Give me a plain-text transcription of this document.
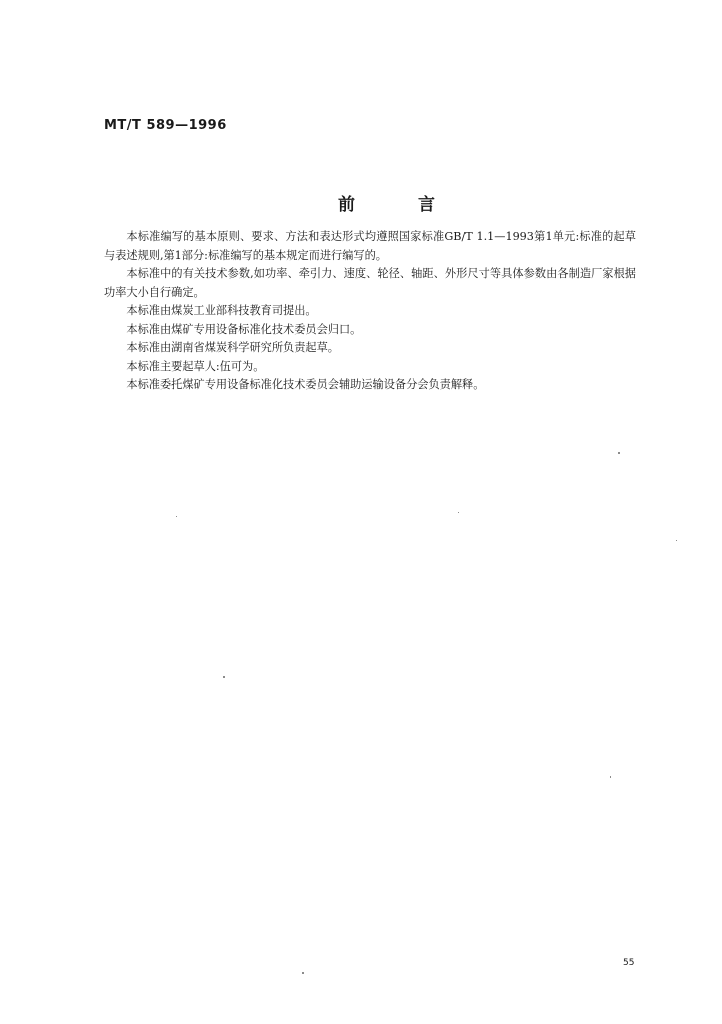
MT/T 589—1996
前	言

本标准编写的基本原则、要求、方法和表达形式均遵照国家标准GB/T 1.1—1993第1单元:标准的起草与表述规则,第1部分:标准编写的基本规定而进行编写的。

本标准中的有关技术参数,如功率、牵引力、速度、轮径、轴距、外形尺寸等具体参数由各制造厂家根据功率大小自行确定。

本标准由煤炭工业部科技教育司提出。

本标准由煤矿专用设备标准化技术委员会归口。

本标准由湖南省煤炭科学研究所负责起草。

本标准主要起草人:伍可为。

本标准委托煤矿专用设备标准化技术委员会辅助运输设备分会负责解释。

55
